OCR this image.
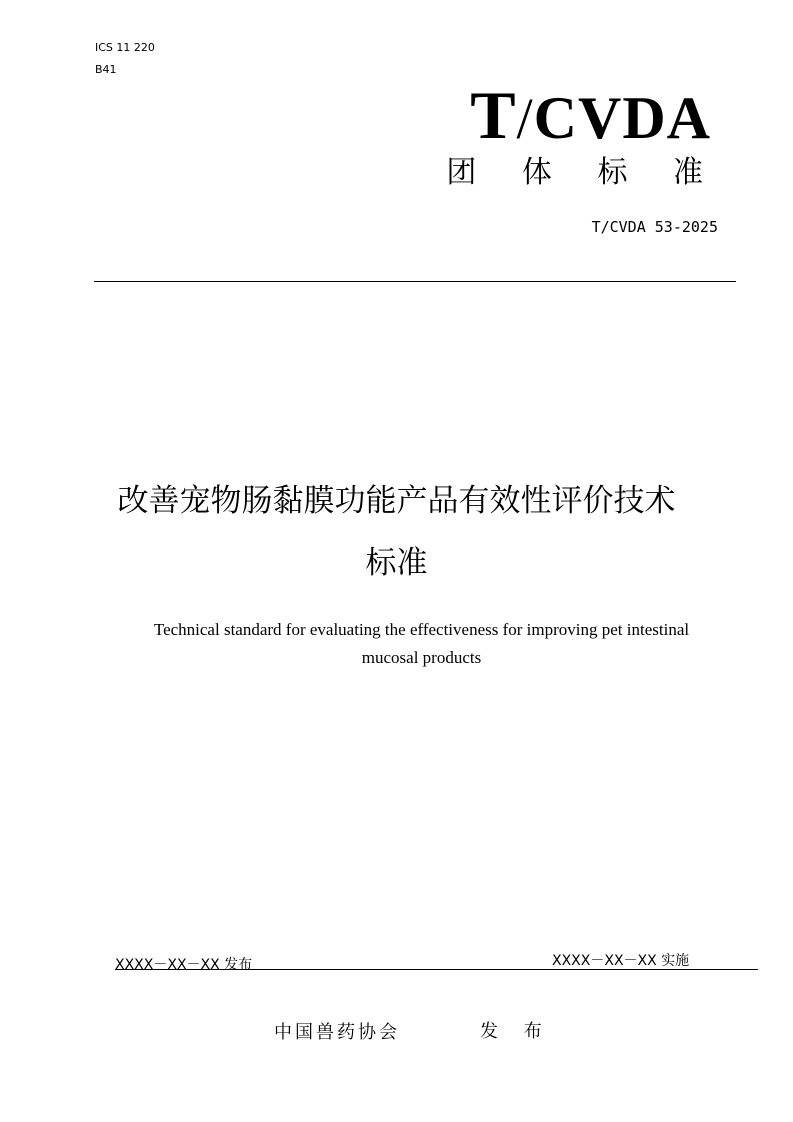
ICS 11 220
B41
T/CVDA
团 体 标 准
T/CVDA 53-2025
改善宠物肠黏膜功能产品有效性评价技术
标准
Technical standard for evaluating the effectiveness for improving pet intestinal
mucosal products
XXXX－XX－XX 发布	XXXX－XX－XX 实施
中国兽药协会	发 布
